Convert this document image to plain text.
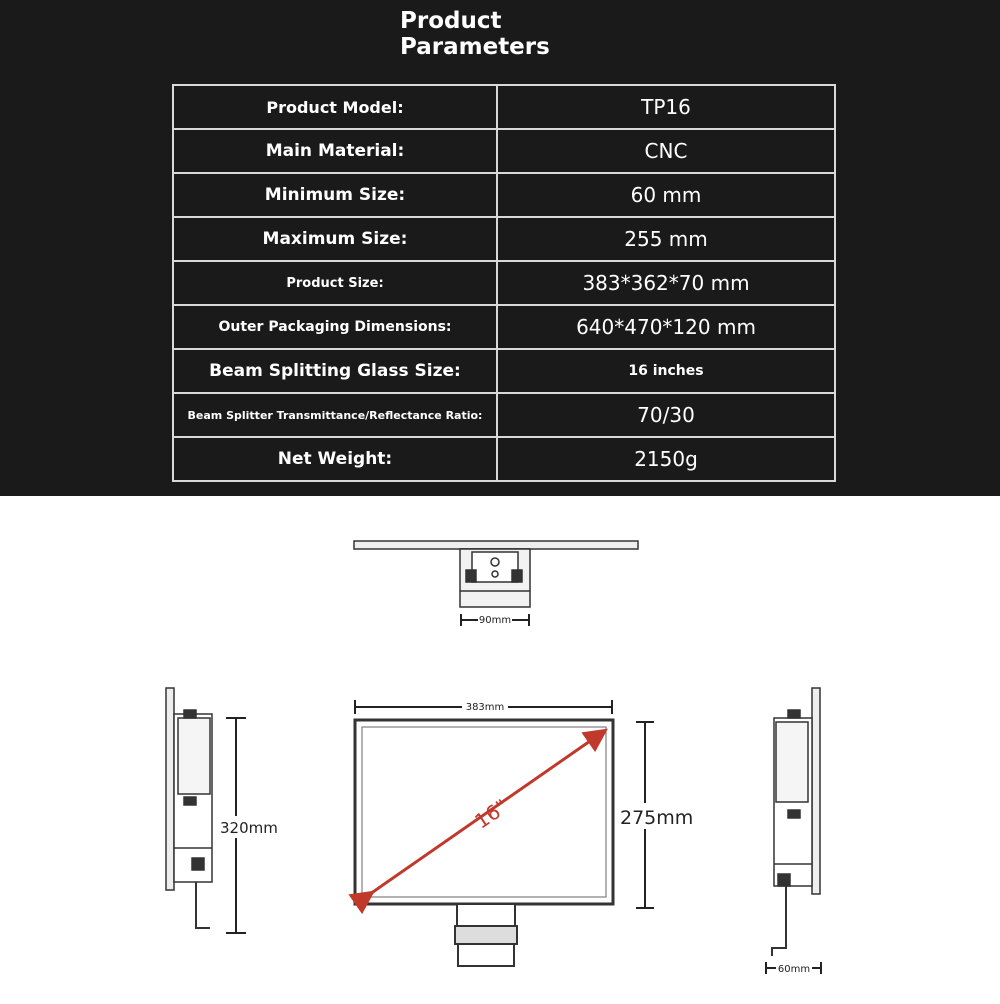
Product
Parameters
Product Model:	TP16
Main Material:	CNC
Minimum Size:	60 mm
Maximum Size:	255 mm
Product Size:	383*362*70 mm
Outer Packaging Dimensions:	640*470*120 mm
Beam Splitting Glass Size:	16 inches
Beam Splitter Transmittance/Reflectance Ratio:	70/30
Net Weight:	2150g
90mm
383mm
16"	275mm
320mm
60mm
